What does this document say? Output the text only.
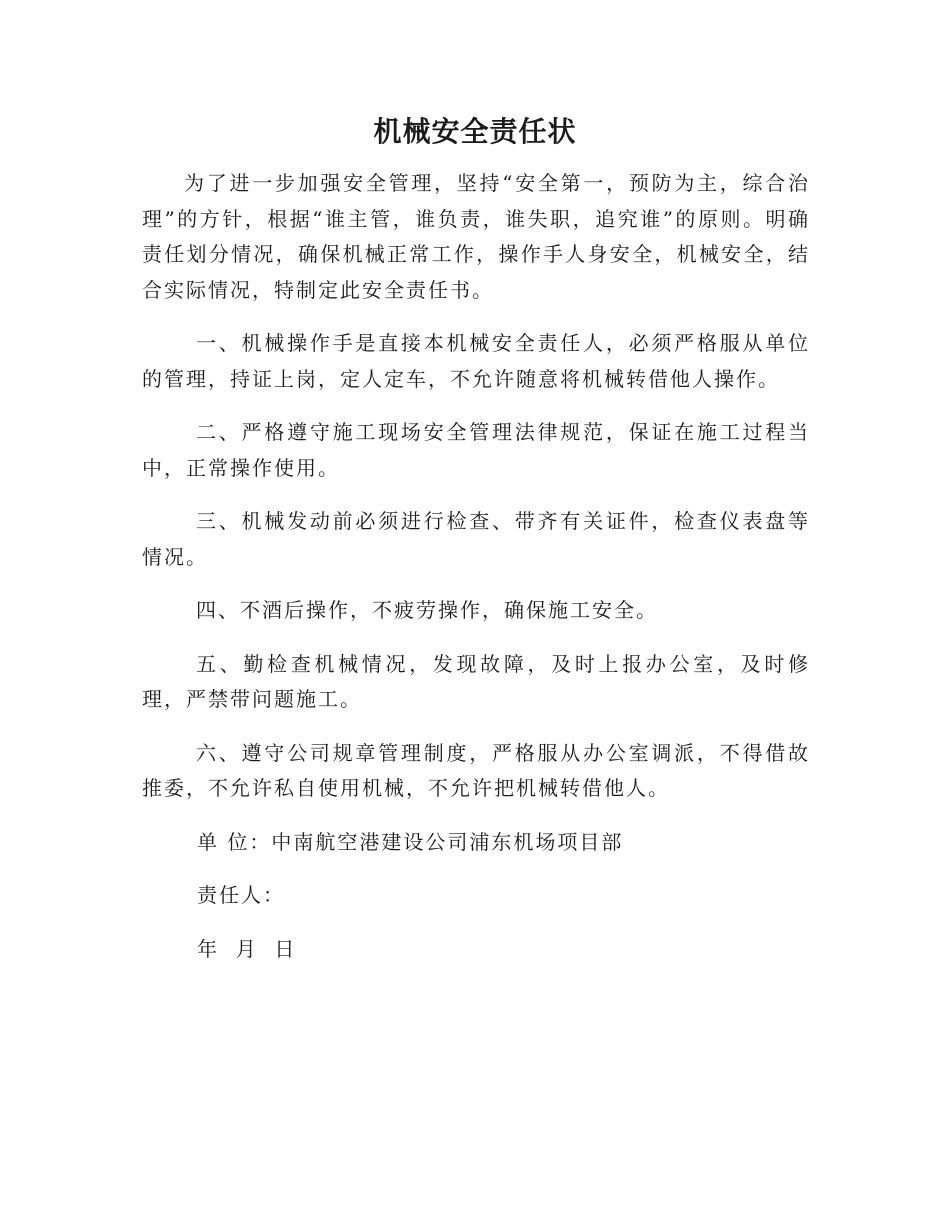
机械安全责任状

为了进一步加强安全管理，坚持“安全第一，预防为主，综合治理”的方针，根据“谁主管，谁负责，谁失职，追究谁”的原则。明确责任划分情况，确保机械正常工作，操作手人身安全，机械安全，结合实际情况，特制定此安全责任书。

一、机械操作手是直接本机械安全责任人，必须严格服从单位的管理，持证上岗，定人定车，不允许随意将机械转借他人操作。

二、严格遵守施工现场安全管理法律规范，保证在施工过程当中，正常操作使用。

三、机械发动前必须进行检查、带齐有关证件，检查仪表盘等情况。

四、不酒后操作，不疲劳操作，确保施工安全。

五、勤检查机械情况，发现故障，及时上报办公室，及时修理，严禁带问题施工。

六、遵守公司规章管理制度，严格服从办公室调派，不得借故推委，不允许私自使用机械，不允许把机械转借他人。

单 位：中南航空港建设公司浦东机场项目部
责任人：
年  月  日
